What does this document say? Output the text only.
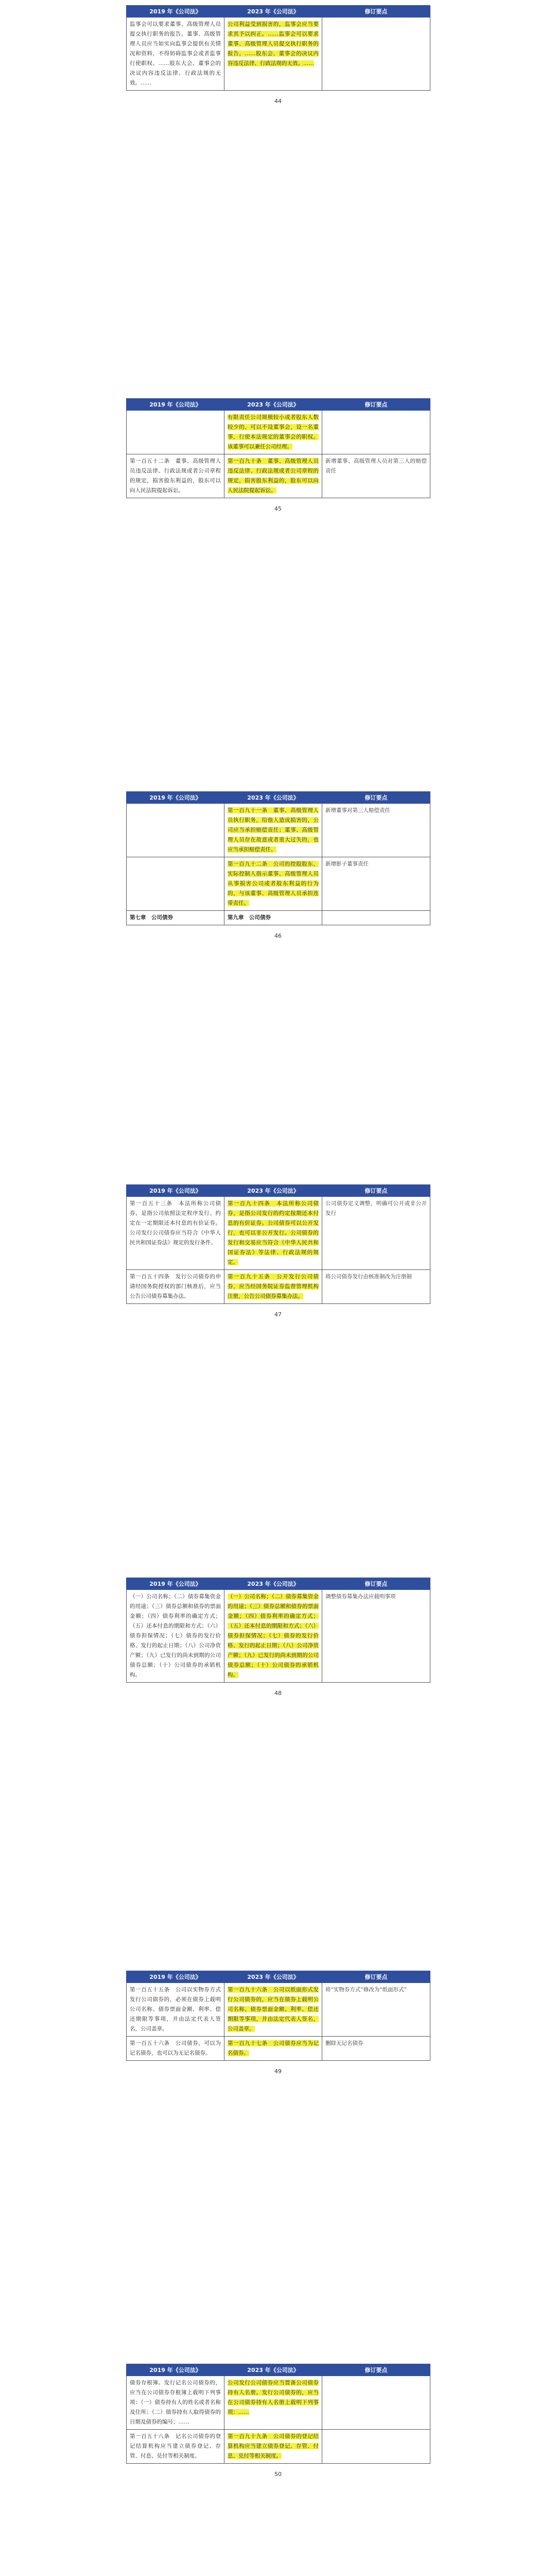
2019 年《公司法》	2023 年《公司法》	修订要点
监事会可以要求董事、高级管理人员提交执行职务的报告。董事、高级管理人员应当如实向监事会提供有关情况和资料，不得妨碍监事会或者监事行使职权。……股东大会、董事会的决议内容违反法律、行政法规的无效。……	公司利益受到损害的，监事会应当要求其予以纠正。……监事会可以要求董事、高级管理人员提交执行职务的报告。……股东会、董事会的决议内容违反法律、行政法规的无效。……	
44
2019 年《公司法》	2023 年《公司法》	修订要点
	有限责任公司规模较小或者股东人数较少的，可以不设董事会，设一名董事，行使本法规定的董事会的职权。该董事可以兼任公司经理。	
第一百五十二条　董事、高级管理人员违反法律、行政法规或者公司章程的规定，损害股东利益的，股东可以向人民法院提起诉讼。	第一百九十条　董事、高级管理人员违反法律、行政法规或者公司章程的规定，损害股东利益的，股东可以向人民法院提起诉讼。	新增董事、高级管理人员对第三人的赔偿责任
45
2019 年《公司法》	2023 年《公司法》	修订要点
	第一百九十一条　董事、高级管理人员执行职务，给他人造成损害的，公司应当承担赔偿责任；董事、高级管理人员存在故意或者重大过失的，也应当承担赔偿责任。	新增董事对第三人赔偿责任
	第一百九十二条　公司的控股股东、实际控制人指示董事、高级管理人员从事损害公司或者股东利益的行为的，与该董事、高级管理人员承担连带责任。	新增影子董事责任
第七章　公司债券	第九章　公司债券	
46
2019 年《公司法》	2023 年《公司法》	修订要点
第一百五十三条　本法所称公司债券，是指公司依照法定程序发行、约定在一定期限还本付息的有价证券。公司发行公司债券应当符合《中华人民共和国证券法》规定的发行条件。	第一百九十四条　本法所称公司债券，是指公司发行的约定按期还本付息的有价证券。公司债券可以公开发行，也可以非公开发行。公司债券的发行和交易应当符合《中华人民共和国证券法》等法律、行政法规的规定。	公司债券定义调整，明确可公开或非公开发行
第一百五十四条　发行公司债券的申请经国务院授权的部门核准后，应当公告公司债券募集办法。	第一百九十五条　公开发行公司债券，应当经国务院证券监督管理机构注册，公告公司债券募集办法。	将公司债券发行由核准制改为注册制
47
2019 年《公司法》	2023 年《公司法》	修订要点
（一）公司名称；（二）债券募集资金的用途；（三）债券总额和债券的票面金额；（四）债券利率的确定方式；（五）还本付息的期限和方式；（六）债券担保情况；（七）债券的发行价格、发行的起止日期；（八）公司净资产额；（九）已发行的尚未到期的公司债券总额；（十）公司债券的承销机构。	（一）公司名称；（二）债券募集资金的用途；（三）债券总额和债券的票面金额；（四）债券利率的确定方式；（五）还本付息的期限和方式；（六）债券担保情况；（七）债券的发行价格、发行的起止日期；（八）公司净资产额；（九）已发行的尚未到期的公司债券总额；（十）公司债券的承销机构。	调整债券募集办法应载明事项
48
2019 年《公司法》	2023 年《公司法》	修订要点
第一百五十五条　公司以实物券方式发行公司债券的，必须在债券上载明公司名称、债券票面金额、利率、偿还期限等事项，并由法定代表人签名，公司盖章。	第一百九十六条　公司以纸面形式发行公司债券的，应当在债券上载明公司名称、债券票面金额、利率、偿还期限等事项，并由法定代表人签名，公司盖章。	将“实物券方式”修改为“纸面形式”
第一百五十六条　公司债券，可以为记名债券，也可以为无记名债券。	第一百九十七条　公司债券应当为记名债券。	删除无记名债券
49
2019 年《公司法》	2023 年《公司法》	修订要点
债券存根簿。发行记名公司债券的，应当在公司债券存根簿上载明下列事项：（一）债券持有人的姓名或者名称及住所；（二）债券持有人取得债券的日期及债券的编号；……	公司发行公司债券应当置备公司债券持有人名册。发行公司债券的，应当在公司债券持有人名册上载明下列事项：……	
第一百五十八条　记名公司债券的登记结算机构应当建立债券登记、存管、付息、兑付等相关制度。	第一百九十九条　公司债券的登记结算机构应当建立债券登记、存管、付息、兑付等相关制度。	
50
